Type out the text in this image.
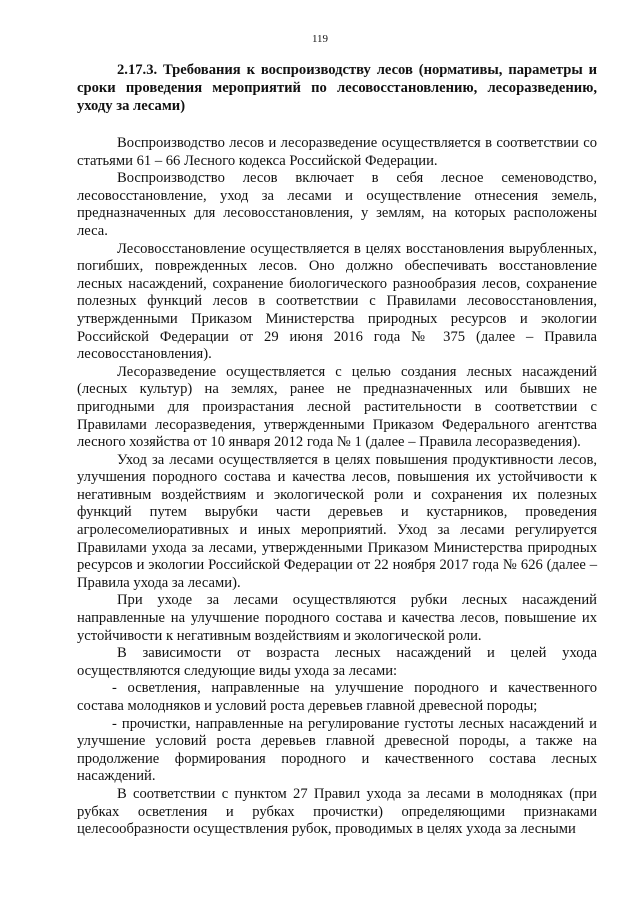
119

2.17.3. Требования к воспроизводству лесов (нормативы, параметры и сроки проведения мероприятий по лесовосстановлению, лесоразведению, уходу за лесами)

Воспроизводство лесов и лесоразведение осуществляется в соответствии со статьями 61 – 66 Лесного кодекса Российской Федерации.

Воспроизводство лесов включает в себя лесное семеноводство, лесовосстановление, уход за лесами и осуществление отнесения земель, предназначенных для лесовосстановления, у землям, на которых расположены леса.

Лесовосстановление осуществляется в целях восстановления вырубленных, погибших, поврежденных лесов. Оно должно обеспечивать восстановление лесных насаждений, сохранение биологического разнообразия лесов, сохранение полезных функций лесов в соответствии с Правилами лесовосстановления, утвержденными Приказом Министерства природных ресурсов и экологии Российской Федерации от 29 июня 2016 года № 375 (далее – Правила лесовосстановления).

Лесоразведение осуществляется с целью создания лесных насаждений (лесных культур) на землях, ранее не предназначенных или бывших не пригодными для произрастания лесной растительности в соответствии с Правилами лесоразведения, утвержденными Приказом Федерального агентства лесного хозяйства от 10 января 2012 года № 1 (далее – Правила лесоразведения).

Уход за лесами осуществляется в целях повышения продуктивности лесов, улучшения породного состава и качества лесов, повышения их устойчивости к негативным воздействиям и экологической роли и сохранения их полезных функций путем вырубки части деревьев и кустарников, проведения агролесомелиоративных и иных мероприятий. Уход за лесами регулируется Правилами ухода за лесами, утвержденными Приказом Министерства природных ресурсов и экологии Российской Федерации от 22 ноября 2017 года № 626 (далее – Правила ухода за лесами).

При уходе за лесами осуществляются рубки лесных насаждений направленные на улучшение породного состава и качества лесов, повышение их устойчивости к негативным воздействиям и экологической роли.

В зависимости от возраста лесных насаждений и целей ухода осуществляются следующие виды ухода за лесами:

- осветления, направленные на улучшение породного и качественного состава молодняков и условий роста деревьев главной древесной породы;

- прочистки, направленные на регулирование густоты лесных насаждений и улучшение условий роста деревьев главной древесной породы, а также на продолжение формирования породного и качественного состава лесных насаждений.

В соответствии с пунктом 27 Правил ухода за лесами в молодняках (при рубках осветления и рубках прочистки) определяющими признаками целесообразности осуществления рубок, проводимых в целях ухода за лесными
